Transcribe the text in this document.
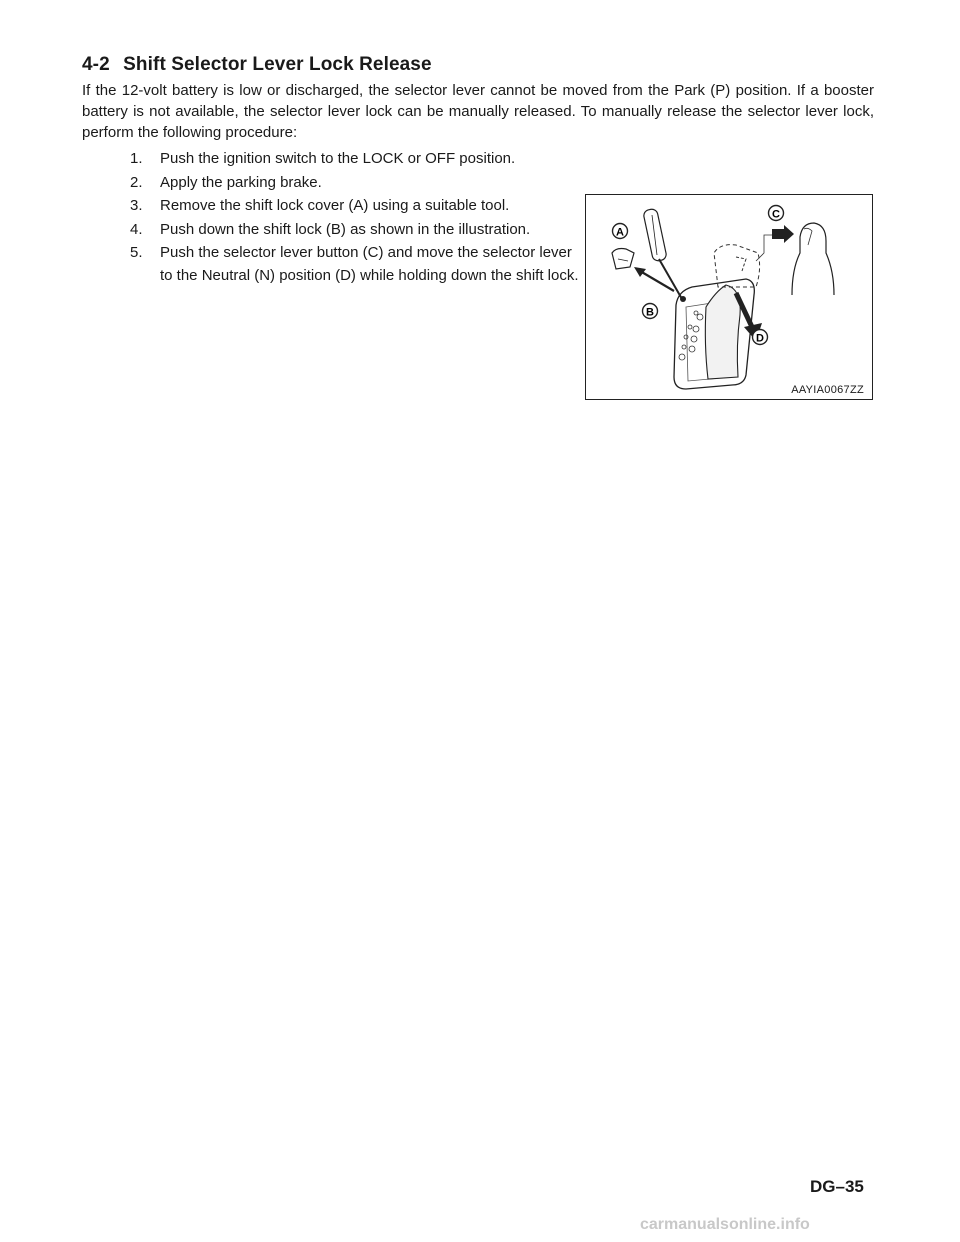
4-2 Shift Selector Lever Lock Release
If the 12-volt battery is low or discharged, the selector lever cannot be moved from the Park (P) position. If a booster battery is not available, the selector lever lock can be manually released. To manually release the selector lever lock, perform the following procedure:
1. Push the ignition switch to the LOCK or OFF position.
2. Apply the parking brake.
3. Remove the shift lock cover (A) using a suitable tool.
4. Push down the shift lock (B) as shown in the illustration.
5. Push the selector lever button (C) and move the selector lever to the Neutral (N) position (D) while holding down the shift lock.
A
B
C
D
AAYIA0067ZZ
DG–35
carmanualsonline.info
